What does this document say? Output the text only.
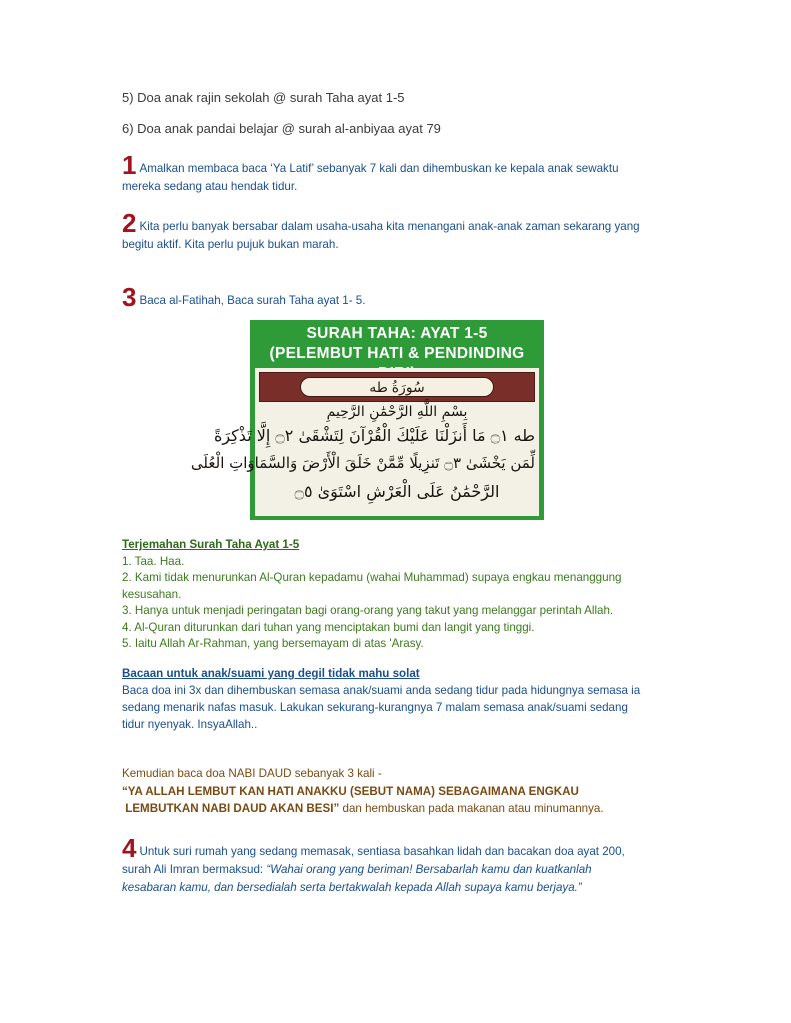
5) Doa anak rajin sekolah @ surah Taha ayat 1-5
6) Doa anak pandai belajar @ surah al-anbiyaa ayat 79
1 Amalkan membaca baca ‘Ya Latif’ sebanyak 7 kali dan dihembuskan ke kepala anak sewaktu
mereka sedang atau hendak tidur.
2 Kita perlu banyak bersabar dalam usaha-usaha kita menangani anak-anak zaman sekarang yang
begitu aktif. Kita perlu pujuk bukan marah.
3 Baca al-Fatihah, Baca surah Taha ayat 1- 5.
SURAH TAHA: AYAT 1-5
(PELEMBUT HATI & PENDINDING
سُورَةُ طه
بِسْمِ اللَّهِ الرَّحْمَٰنِ الرَّحِيمِ
طه ۝١ مَا أَنزَلْنَا عَلَيْكَ الْقُرْآنَ لِتَشْقَىٰ ۝٢ إِلَّا تَذْكِرَةً
لِّمَن يَخْشَىٰ ۝٣ تَنزِيلًا مِّمَّنْ خَلَقَ الْأَرْضَ وَالسَّمَاوَاتِ الْعُلَى
الرَّحْمَٰنُ عَلَى الْعَرْشِ اسْتَوَىٰ ۝٥
Terjemahan Surah Taha Ayat 1-5
1. Taa. Haa.
2. Kami tidak menurunkan Al-Quran kepadamu (wahai Muhammad) supaya engkau menanggung
kesusahan.
3. Hanya untuk menjadi peringatan bagi orang-orang yang takut yang melanggar perintah Allah.
4. Al-Quran diturunkan dari tuhan yang menciptakan bumi dan langit yang tinggi.
5. Iaitu Allah Ar-Rahman, yang bersemayam di atas 'Arasy.
Bacaan untuk anak/suami yang degil tidak mahu solat
Baca doa ini 3x dan dihembuskan semasa anak/suami anda sedang tidur pada hidungnya semasa ia
sedang menarik nafas masuk. Lakukan sekurang-kurangnya 7 malam semasa anak/suami sedang
tidur nyenyak. InsyaAllah..
Kemudian baca doa NABI DAUD sebanyak 3 kali -
“YA ALLAH LEMBUT KAN HATI ANAKKU (SEBUT NAMA) SEBAGAIMANA ENGKAU
LEMBUTKAN NABI DAUD AKAN BESI” dan hembuskan pada makanan atau minumannya.
4 Untuk suri rumah yang sedang memasak, sentiasa basahkan lidah dan bacakan doa ayat 200,
surah Ali Imran bermaksud: “Wahai orang yang beriman! Bersabarlah kamu dan kuatkanlah
kesabaran kamu, dan bersedialah serta bertakwalah kepada Allah supaya kamu berjaya.”
